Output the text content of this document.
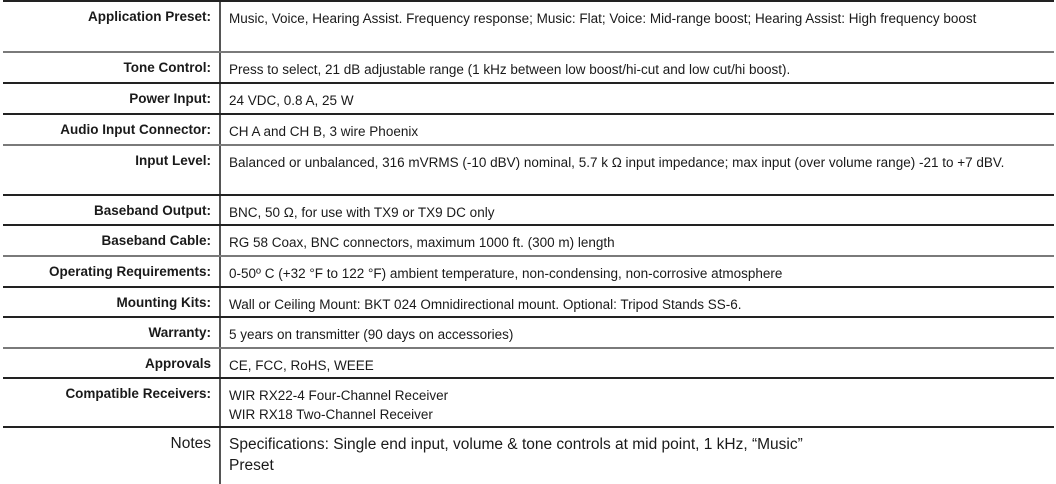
Application Preset:	Music, Voice, Hearing Assist. Frequency response; Music: Flat; Voice: Mid-range boost; Hearing Assist: High frequency boost
Tone Control:	Press to select, 21 dB adjustable range (1 kHz between low boost/hi-cut and low cut/hi boost).
Power Input:	24 VDC, 0.8 A, 25 W
Audio Input Connector:	CH A and CH B, 3 wire Phoenix
Input Level:	Balanced or unbalanced, 316 mVRMS (-10 dBV) nominal, 5.7 k Ω input impedance; max input (over volume range) -21 to +7 dBV.
Baseband Output:	BNC, 50 Ω, for use with TX9 or TX9 DC only
Baseband Cable:	RG 58 Coax, BNC connectors, maximum 1000 ft. (300 m) length
Operating Requirements:	0-50º C (+32 °F to 122 °F) ambient temperature, non-condensing, non-corrosive atmosphere
Mounting Kits:	Wall or Ceiling Mount: BKT 024 Omnidirectional mount. Optional: Tripod Stands SS-6.
Warranty:	5 years on transmitter (90 days on accessories)
Approvals	CE, FCC, RoHS, WEEE
Compatible Receivers:	WIR RX22-4 Four-Channel Receiver
WIR RX18 Two-Channel Receiver
Notes	Specifications: Single end input, volume & tone controls at mid point, 1 kHz, “Music” Preset
